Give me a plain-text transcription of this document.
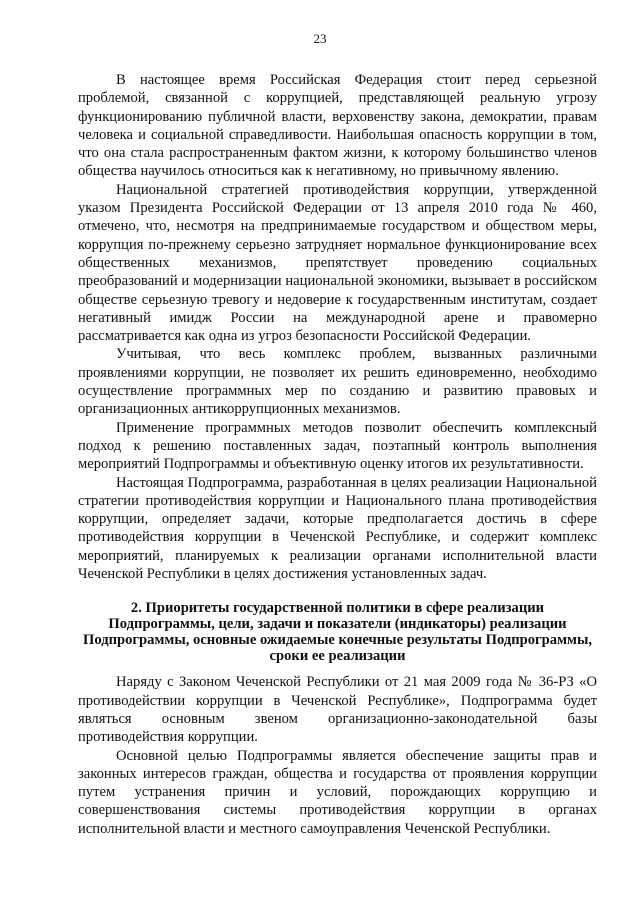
23

В настоящее время Российская Федерация стоит перед серьезной проблемой, связанной с коррупцией, представляющей реальную угрозу функционированию публичной власти, верховенству закона, демократии, правам человека и социальной справедливости. Наибольшая опасность коррупции в том, что она стала распространенным фактом жизни, к которому большинство членов общества научилось относиться как к негативному, но привычному явлению.

Национальной стратегией противодействия коррупции, утвержденной указом Президента Российской Федерации от 13 апреля 2010 года № 460, отмечено, что, несмотря на предпринимаемые государством и обществом меры, коррупция по-прежнему серьезно затрудняет нормальное функционирование всех общественных механизмов, препятствует проведению социальных преобразований и модернизации национальной экономики, вызывает в российском обществе серьезную тревогу и недоверие к государственным институтам, создает негативный имидж России на международной арене и правомерно рассматривается как одна из угроз безопасности Российской Федерации.

Учитывая, что весь комплекс проблем, вызванных различными проявлениями коррупции, не позволяет их решить единовременно, необходимо осуществление программных мер по созданию и развитию правовых и организационных антикоррупционных механизмов.

Применение программных методов позволит обеспечить комплексный подход к решению поставленных задач, поэтапный контроль выполнения мероприятий Подпрограммы и объективную оценку итогов их результативности.

Настоящая Подпрограмма, разработанная в целях реализации Национальной стратегии противодействия коррупции и Национального плана противодействия коррупции, определяет задачи, которые предполагается достичь в сфере противодействия коррупции в Чеченской Республике, и содержит комплекс мероприятий, планируемых к реализации органами исполнительной власти Чеченской Республики в целях достижения установленных задач.

2. Приоритеты государственной политики в сфере реализации Подпрограммы, цели, задачи и показатели (индикаторы) реализации Подпрограммы, основные ожидаемые конечные результаты Подпрограммы, сроки ее реализации

Наряду с Законом Чеченской Республики от 21 мая 2009 года № 36-РЗ «О противодействии коррупции в Чеченской Республике», Подпрограмма будет являться основным звеном организационно-законодательной базы противодействия коррупции.

Основной целью Подпрограммы является обеспечение защиты прав и законных интересов граждан, общества и государства от проявления коррупции путем устранения причин и условий, порождающих коррупцию и совершенствования системы противодействия коррупции в органах исполнительной власти и местного самоуправления Чеченской Республики.
